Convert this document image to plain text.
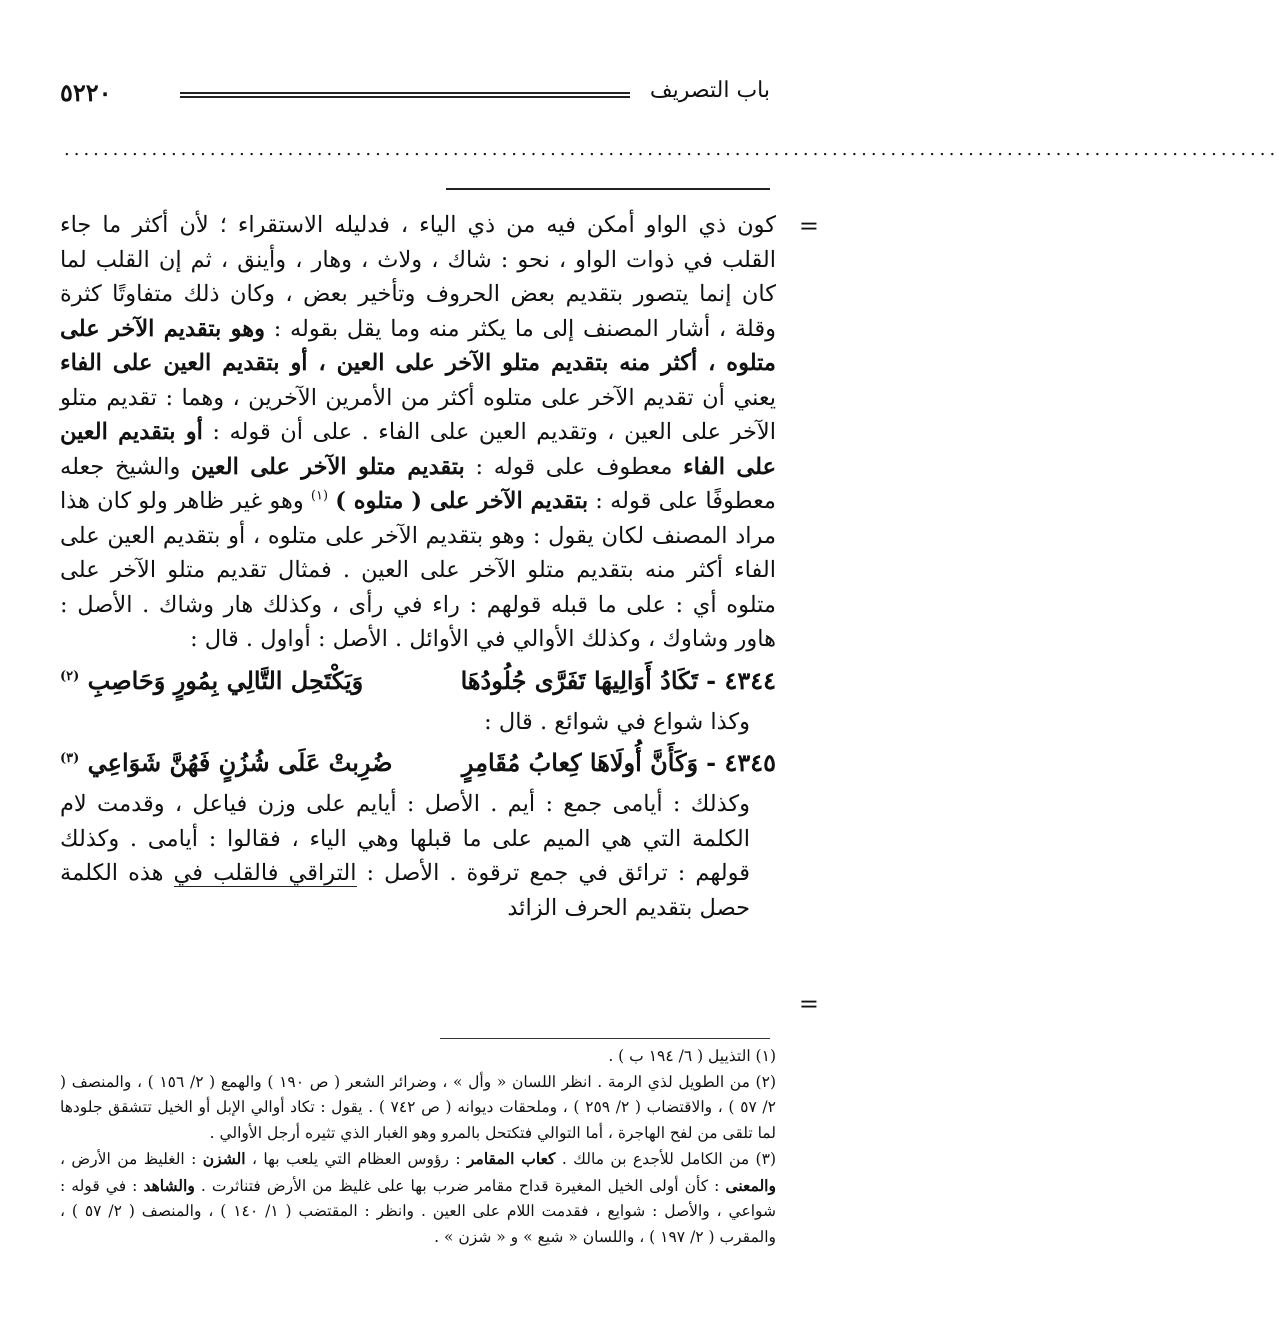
٥٢٢٠	باب التصريف
.............................................................................................................................
=

كون ذي الواو أمكن فيه من ذي الياء ، فدليله الاستقراء ؛ لأن أكثر ما جاء القلب في ذوات الواو ، نحو : شاك ، ولاث ، وهار ، وأينق ، ثم إن القلب لما كان إنما يتصور بتقديم بعض الحروف وتأخير بعض ، وكان ذلك متفاوتًا كثرة وقلة ، أشار المصنف إلى ما يكثر منه وما يقل بقوله : وهو بتقديم الآخر على متلوه ، أكثر منه بتقديم متلو الآخر على العين ، أو بتقديم العين على الفاء يعني أن تقديم الآخر على متلوه أكثر من الأمرين الآخرين ، وهما : تقديم متلو الآخر على العين ، وتقديم العين على الفاء . على أن قوله : أو بتقديم العين على الفاء معطوف على قوله : بتقديم متلو الآخر على العين والشيخ جعله معطوفًا على قوله : بتقديم الآخر على ( متلوه ) $^{(١)}$ وهو غير ظاهر ولو كان هذا مراد المصنف لكان يقول : وهو بتقديم الآخر على متلوه ، أو بتقديم العين على الفاء أكثر منه بتقديم متلو الآخر على العين . فمثال تقديم متلو الآخر على متلوه أي : على ما قبله قولهم : راء في رأى ، وكذلك هار وشاك . الأصل : هاور وشاوك ، وكذلك الأوالي في الأوائل . الأصل : أواول . قال :

٤٣٤٤ -تَكَادُ أَوَالِيهَا تَفَرَّى جُلُودُهَا
وَيَكْتَحِل التَّالِي بِمُورٍ وَحَاصِبِ $^{(٢)}$

وكذا شواع في شوائع . قال :

٤٣٤٥ -وَكَأَنَّ أُولَاهَا كِعابُ مُقَامِرٍ
ضُرِبتْ عَلَى شُزُنٍ فَهُنَّ شَوَاعِي $^{(٣)}$

وكذلك : أيامى جمع : أيم . الأصل : أيايم على وزن فياعل ، وقدمت لام الكلمة التي هي الميم على ما قبلها وهي الياء ، فقالوا : أيامى . وكذلك قولهم : ترائق في جمع ترقوة . الأصل : التراقي فالقلب في هذه الكلمة حصل بتقديم الحرف الزائد

=

(١) التذييل ( ٦/ ١٩٤ ب ) .

(٢) من الطويل لذي الرمة . انظر اللسان « وأل » ، وضرائر الشعر ( ص ١٩٠ ) والهمع ( ٢/ ١٥٦ ) ، والمنصف ( ٢/ ٥٧ ) ، والاقتضاب ( ٢/ ٢٥٩ ) ، وملحقات ديوانه ( ص ٧٤٢ ) . يقول : تكاد أوالي الإبل أو الخيل تتشقق جلودها لما تلقى من لفح الهاجرة ، أما التوالي فتكتحل بالمرو وهو الغبار الذي تثيره أرجل الأوالي .

(٣) من الكامل للأجدع بن مالك . كعاب المقامر : رؤوس العظام التي يلعب بها ، الشزن : الغليظ من الأرض ، والمعنى : كأن أولى الخيل المغيرة قداح مقامر ضرب بها على غليظ من الأرض فتناثرت . والشاهد : في قوله : شواعي ، والأصل : شوايع ، فقدمت اللام على العين . وانظر : المقتضب ( ١/ ١٤٠ ) ، والمنصف ( ٢/ ٥٧ ) ، والمقرب ( ٢/ ١٩٧ ) ، واللسان « شيع » و « شزن » .
